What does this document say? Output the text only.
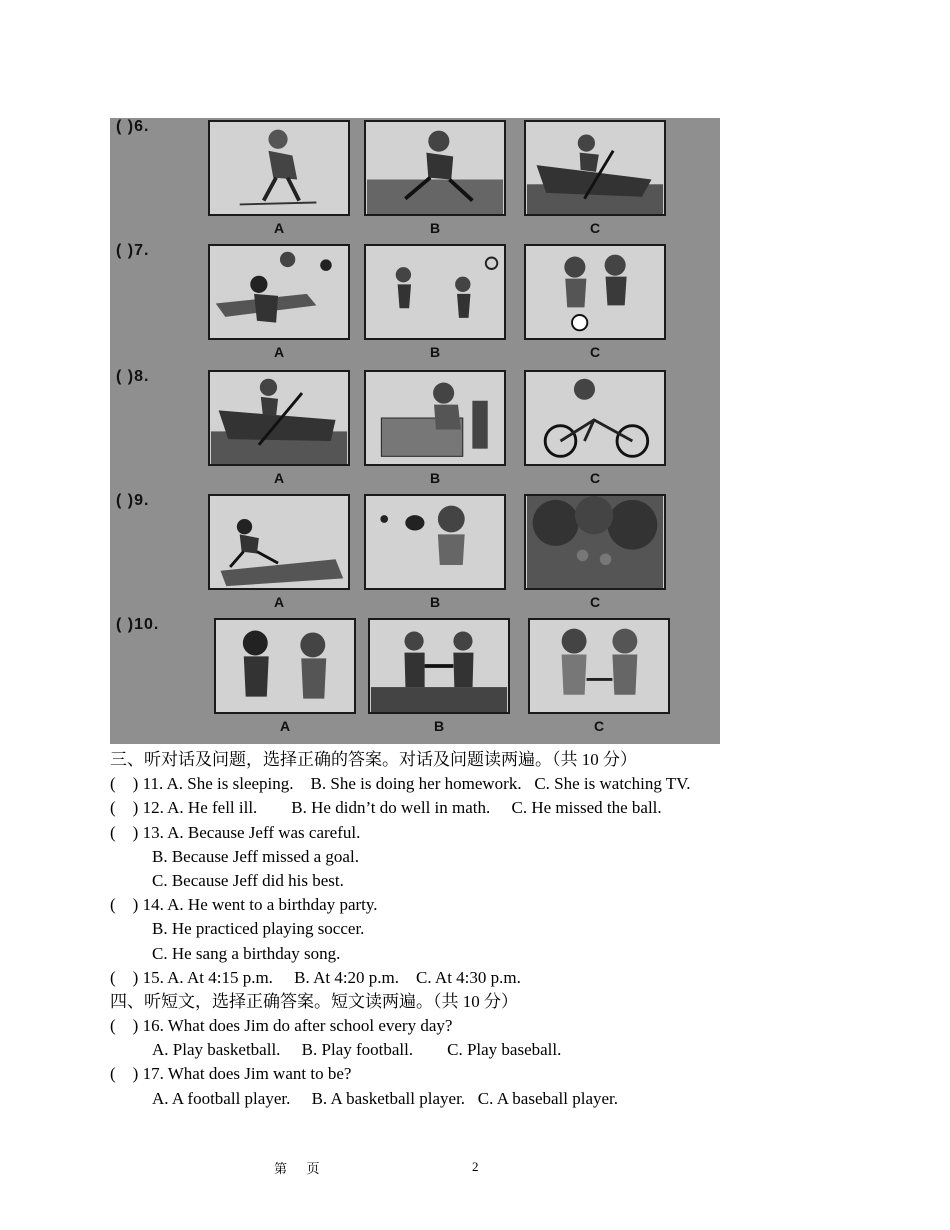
( )6.
A	B	C
( )7.
A	B	C
( )8.
A	B	C
( )9.
A	B	C
( )10.
A	B	C
三、听对话及问题，选择正确的答案。对话及问题读两遍。（共 10 分）
(    ) 11. A. She is sleeping.    B. She is doing her homework.   C. She is watching TV.
(    ) 12. A. He fell ill.        B. He didn’t do well in math.     C. He missed the ball.
(    ) 13. A. Because Jeff was careful.
B. Because Jeff missed a goal.
C. Because Jeff did his best.
(    ) 14. A. He went to a birthday party.
B. He practiced playing soccer.
C. He sang a birthday song.
(    ) 15. A. At 4:15 p.m.     B. At 4:20 p.m.    C. At 4:30 p.m.
四、听短文，选择正确答案。短文读两遍。（共 10 分）
(    ) 16. What does Jim do after school every day?
A. Play basketball.     B. Play football.        C. Play baseball.
(    ) 17. What does Jim want to be?
A. A football player.     B. A basketball player.   C. A baseball player.
第      页	2
